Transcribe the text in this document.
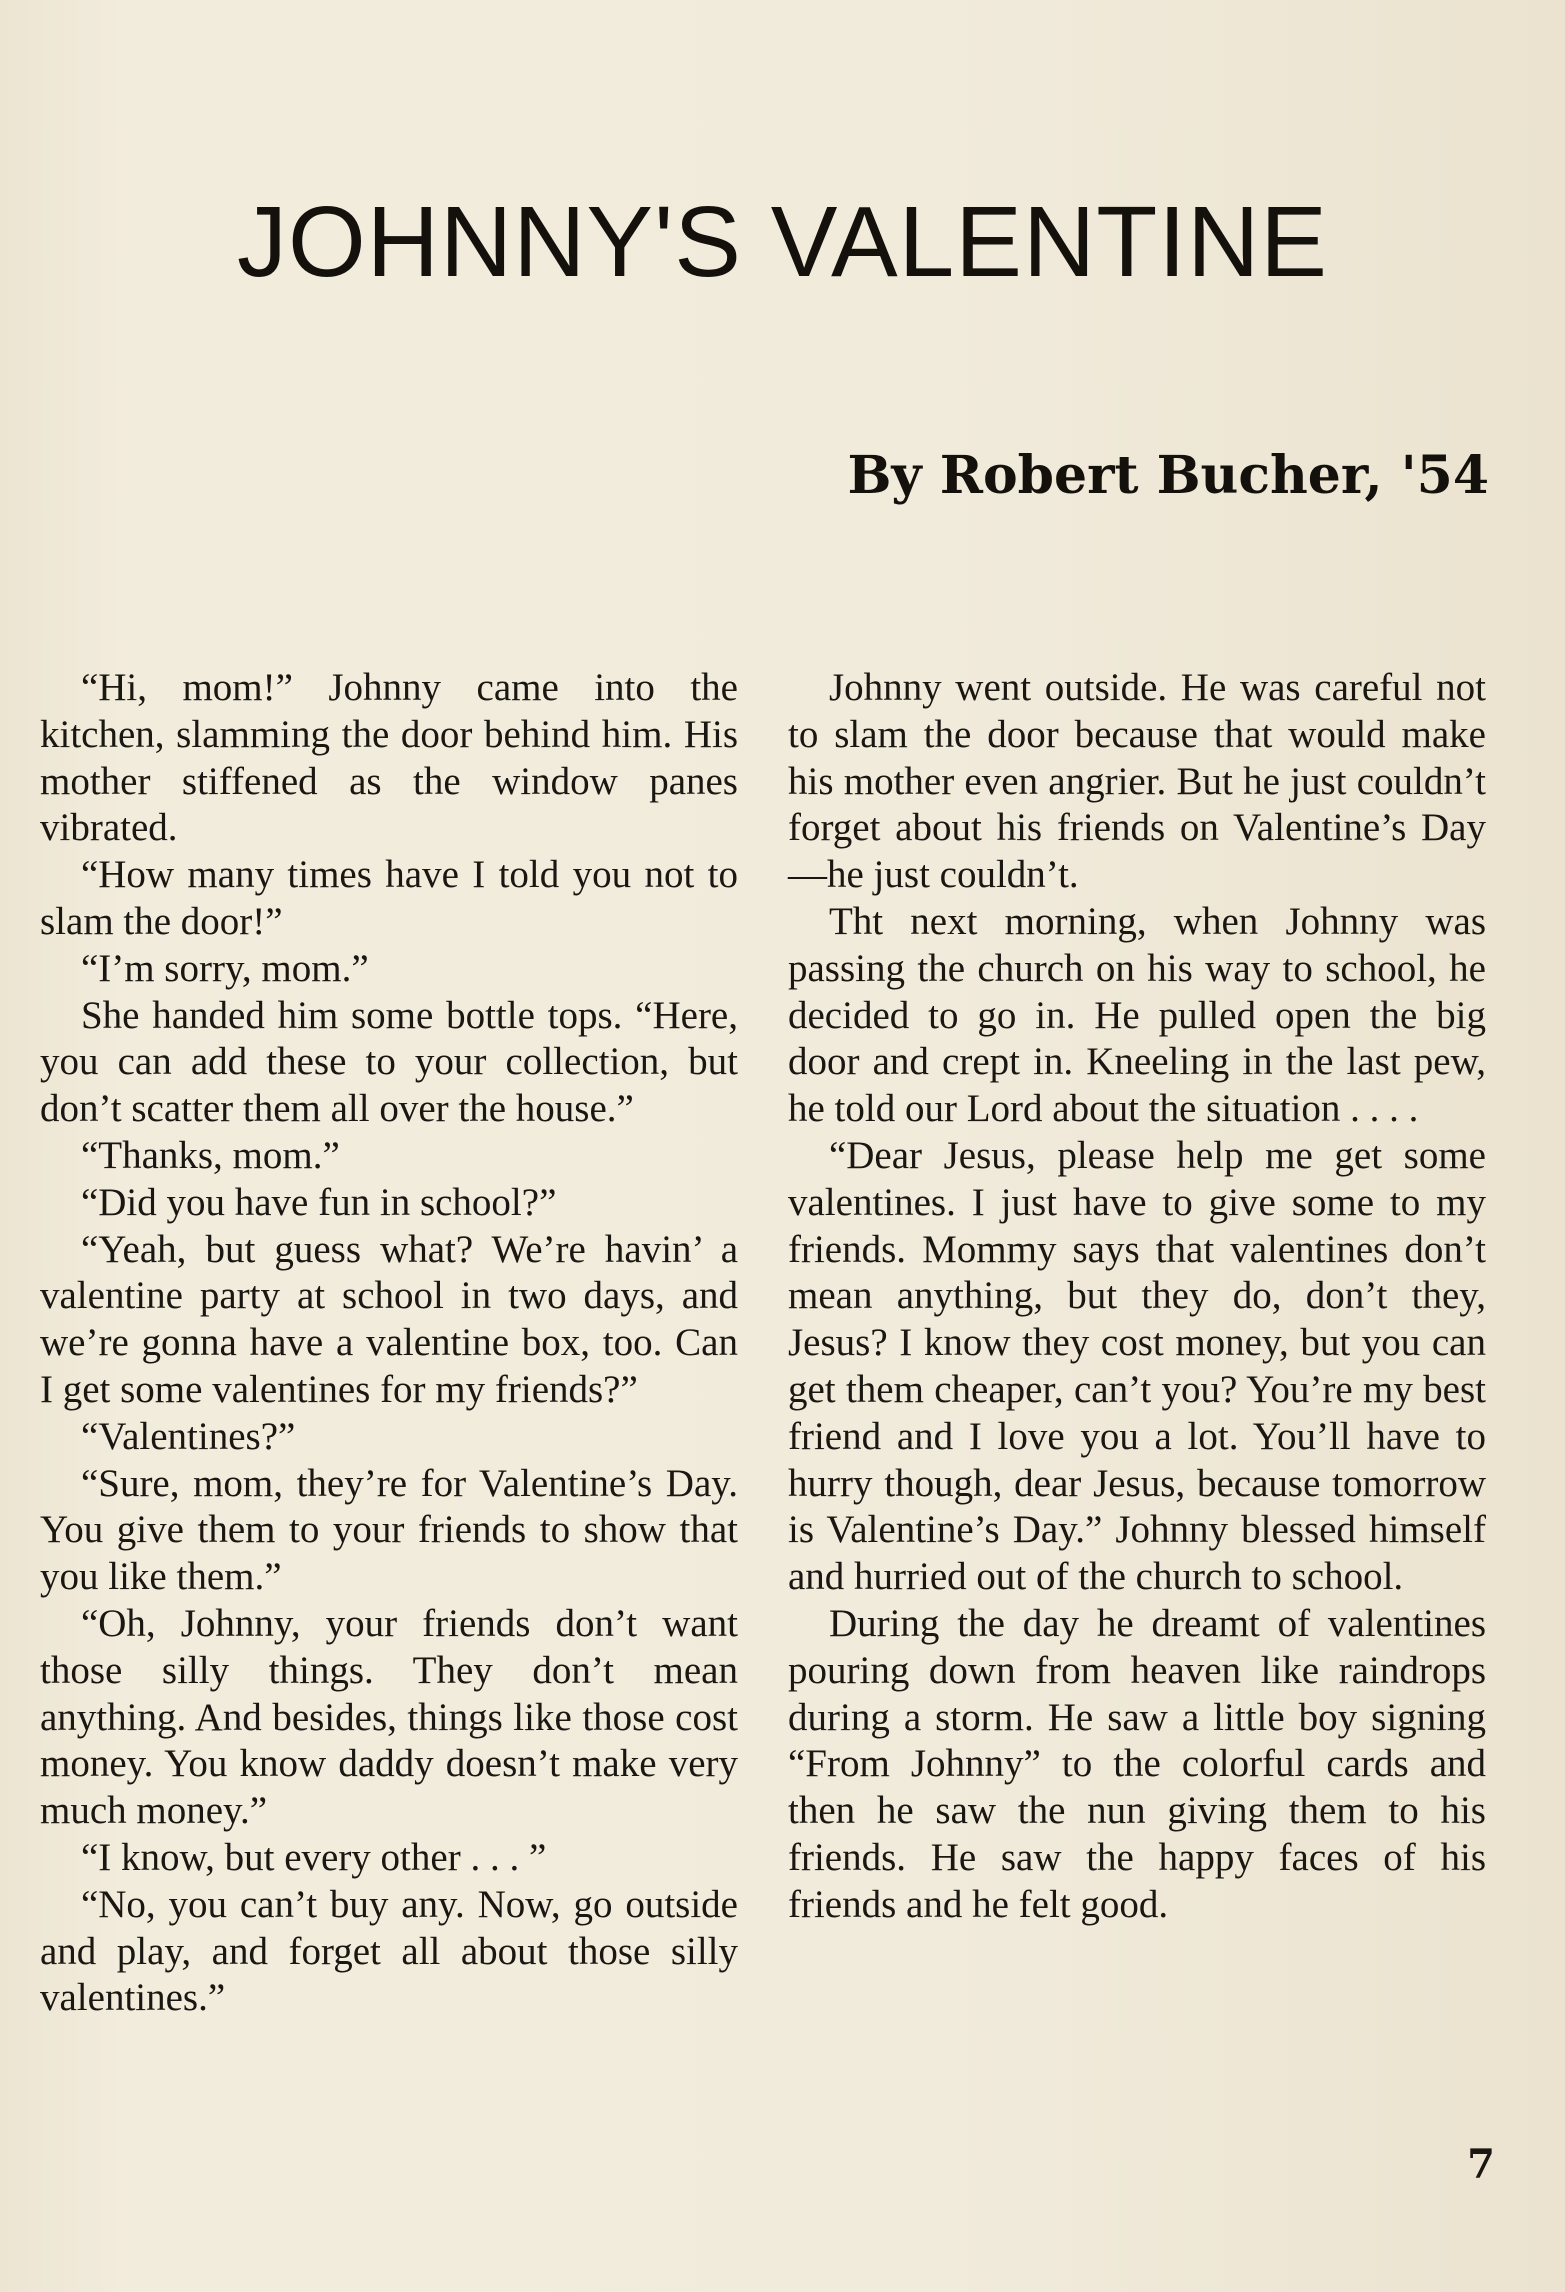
JOHNNY'S VALENTINE
By Robert Bucher, '54

“Hi, mom!” Johnny came into the kitchen, slamming the door behind him. His mother stiffened as the window panes vibrated.

“How many times have I told you not to slam the door!”

“I’m sorry, mom.”

She handed him some bottle tops. “Here, you can add these to your collection, but don’t scatter them all over the house.”

“Thanks, mom.”

“Did you have fun in school?”

“Yeah, but guess what? We’re havin’ a valentine party at school in two days, and we’re gonna have a valentine box, too. Can I get some valentines for my friends?”

“Valentines?”

“Sure, mom, they’re for Valentine’s Day. You give them to your friends to show that you like them.”

“Oh, Johnny, your friends don’t want those silly things. They don’t mean anything. And besides, things like those cost money. You know daddy doesn’t make very much money.”

“I know, but every other . . . ”

“No, you can’t buy any. Now, go outside and play, and forget all about those silly valentines.”

Johnny went outside. He was careful not to slam the door because that would make his mother even angrier. But he just couldn’t forget about his friends on Valentine’s Day—he just couldn’t.

Tht next morning, when Johnny was passing the church on his way to school, he decided to go in. He pulled open the big door and crept in. Kneeling in the last pew, he told our Lord about the situation . . . .

“Dear Jesus, please help me get some valentines. I just have to give some to my friends. Mommy says that valentines don’t mean anything, but they do, don’t they, Jesus? I know they cost money, but you can get them cheaper, can’t you? You’re my best friend and I love you a lot. You’ll have to hurry though, dear Jesus, because tomorrow is Valentine’s Day.” Johnny blessed himself and hurried out of the church to school.

During the day he dreamt of valentines pouring down from heaven like raindrops during a storm. He saw a little boy signing “From Johnny” to the colorful cards and then he saw the nun giving them to his friends. He saw the happy faces of his friends and he felt good.

7
